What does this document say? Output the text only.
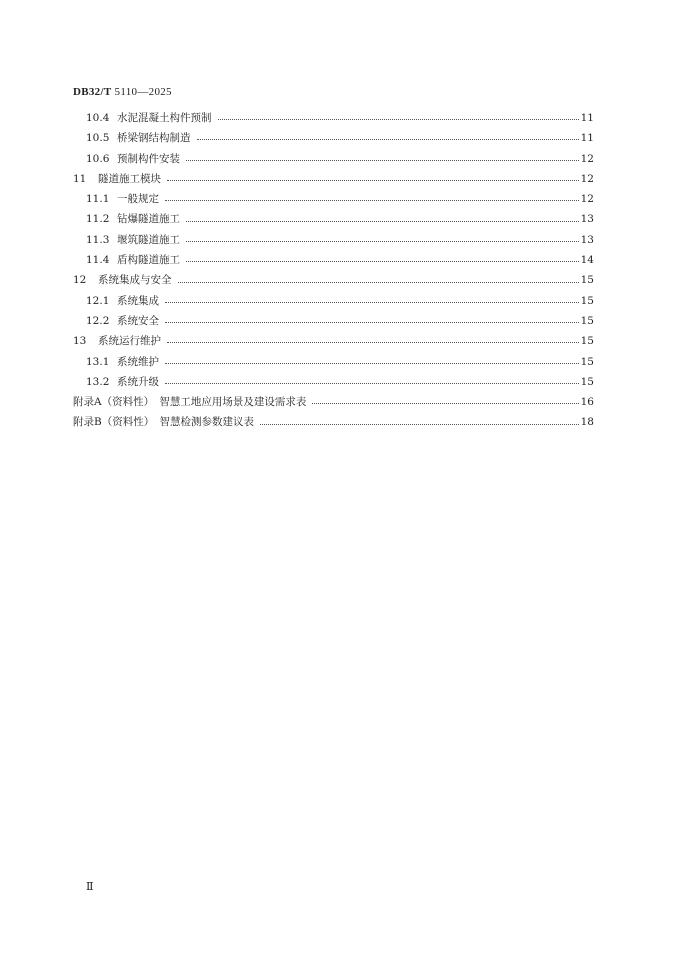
DB32/T 5110—2025
10.4 水泥混凝土构件预制	11
10.5 桥梁钢结构制造	11
10.6 预制构件安装	12
11	隧道施工模块	12
11.1 一般规定	12
11.2 钻爆隧道施工	13
11.3 堰筑隧道施工	13
11.4 盾构隧道施工	14
12	系统集成与安全	15
12.1 系统集成	15
12.2 系统安全	15
13	系统运行维护	15
13.1 系统维护	15
13.2 系统升级	15
附录A（资料性）　智慧工地应用场景及建设需求表	16
附录B（资料性）　智慧检测参数建议表	18
Ⅱ
